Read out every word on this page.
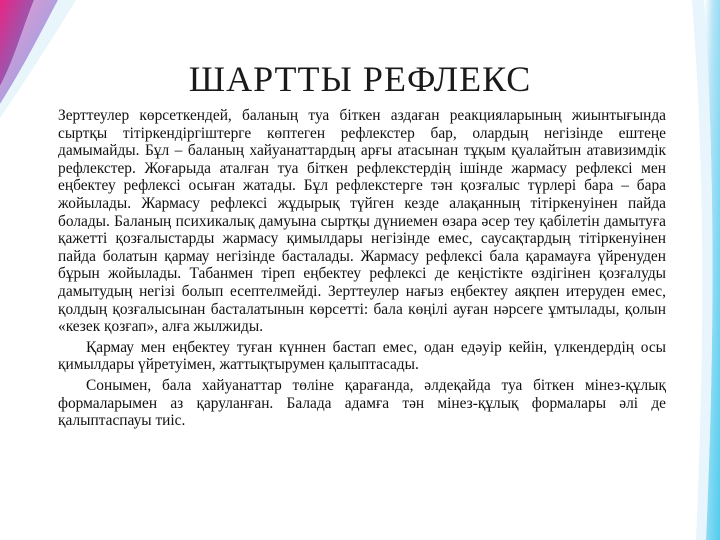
ШАРТТЫ РЕФЛЕКС

Зерттеулер көрсеткендей, баланың туа біткен аздаған реакцияларының жиынтығында сыртқы тітіркендіргіштерге көптеген рефлекстер бар, олардың негізінде ештеңе дамымайды. Бұл – баланың хайуанаттардың арғы атасынан тұқым қуалайтын атавизимдік рефлекстер. Жоғарыда аталған туа біткен рефлекстердің ішінде жармасу рефлексі мен еңбектеу рефлексі осыған жатады. Бұл рефлекстерге тән қозғалыс түрлері бара – бара жойылады. Жармасу рефлексі жұдырық түйген кезде алақанның тітіркенуінен пайда болады. Баланың психикалық дамуына сыртқы дүниемен өзара әсер теу қабілетін дамытуға қажетті қозғалыстарды жармасу қимылдары негізінде емес, саусақтардың тітіркенуінен пайда болатын қармау негізінде басталады. Жармасу рефлексі бала қарамауға үйренуден бұрын жойылады. Табанмен тіреп еңбектеу рефлексі де кеңістікте өздігінен қозғалуды дамытудың негізі болып есептелмейді. Зерттеулер нағыз еңбектеу аяқпен итеруден емес, қолдың қозғалысынан басталатынын көрсетті: бала көңілі ауған нәрсеге ұмтылады, қолын «кезек қозғап», алға жылжиды.

Қармау мен еңбектеу туған күннен бастап емес, одан едәуір кейін, үлкендердің осы қимылдары үйретуімен, жаттықтырумен қалыптасады.

Сонымен, бала хайуанаттар төліне қарағанда, әлдеқайда туа біткен мінез-құлық формаларымен аз қаруланған. Балада адамға тән мінез-құлық формалары әлі де қалыптаспауы тиіс.
